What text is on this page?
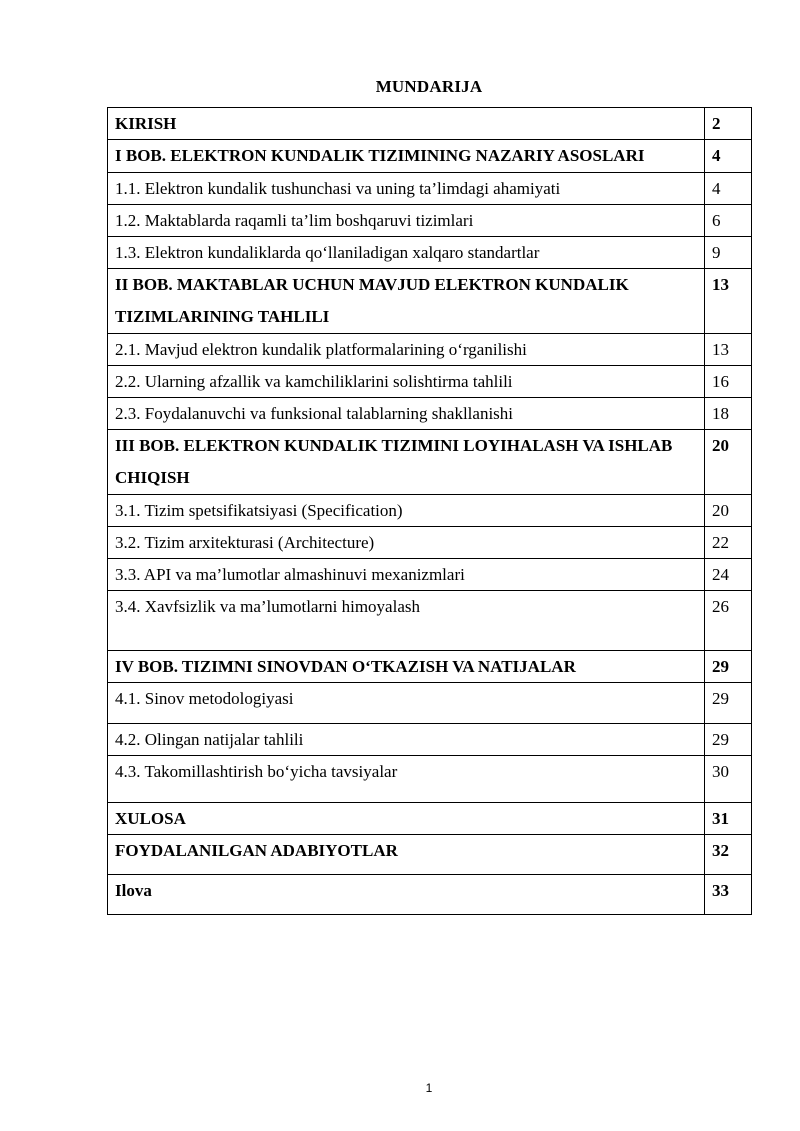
MUNDARIJA
KIRISH	2
I BOB. ELEKTRON KUNDALIK TIZIMINING NAZARIY ASOSLARI	4
1.1. Elektron kundalik tushunchasi va uning ta’limdagi ahamiyati	4
1.2. Maktablarda raqamli ta’lim boshqaruvi tizimlari	6
1.3. Elektron kundaliklarda qo‘llaniladigan xalqaro standartlar	9
II BOB. MAKTABLAR UCHUN MAVJUD ELEKTRON KUNDALIK TIZIMLARINING TAHLILI	13
2.1. Mavjud elektron kundalik platformalarining o‘rganilishi	13
2.2. Ularning afzallik va kamchiliklarini solishtirma tahlili	16
2.3. Foydalanuvchi va funksional talablarning shakllanishi	18
III BOB. ELEKTRON KUNDALIK TIZIMINI LOYIHALASH VA ISHLAB CHIQISH	20
3.1. Tizim spetsifikatsiyasi (Specification)	20
3.2. Tizim arxitekturasi (Architecture)	22
3.3. API va ma’lumotlar almashinuvi mexanizmlari	24
3.4. Xavfsizlik va ma’lumotlarni himoyalash	26
IV BOB. TIZIMNI SINOVDAN O‘TKAZISH VA NATIJALAR	29
4.1. Sinov metodologiyasi	29
4.2. Olingan natijalar tahlili	29
4.3. Takomillashtirish bo‘yicha tavsiyalar	30
XULOSA	31
FOYDALANILGAN ADABIYOTLAR	32
Ilova	33
1
